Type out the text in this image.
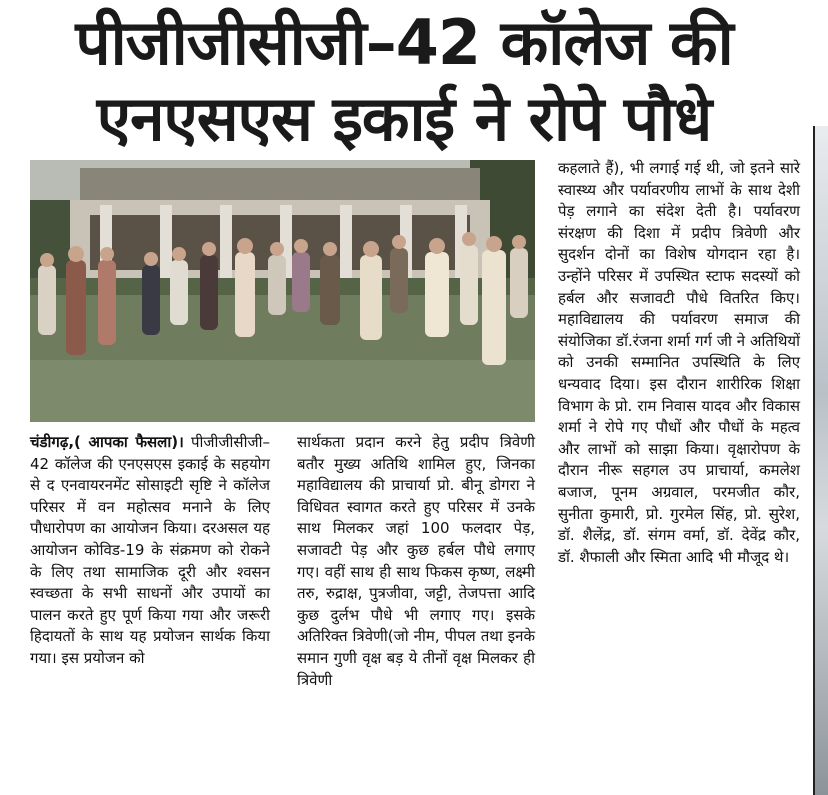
पीजीजीसीजी–42 कॉलेज की
एनएसएस इकाई ने रोपे पौधे

चंडीगढ़,( आपका फैसला)। पीजीजीसीजी–42 कॉलेज की एनएसएस इकाई के सहयोग से द एनवायरनमेंट सोसाइटी सृष्टि ने कॉलेज परिसर में वन महोत्सव मनाने के लिए पौधारोपण का आयोजन किया। दरअसल यह आयोजन कोविड-19 के संक्रमण को रोकने के लिए तथा सामाजिक दूरी और श्वसन स्वच्छता के सभी साधनों और उपायों का पालन करते हुए पूर्ण किया गया और जरूरी हिदायतों के साथ यह प्रयोजन सार्थक किया गया। इस प्रयोजन को

सार्थकता प्रदान करने हेतु प्रदीप त्रिवेणी बतौर मुख्य अतिथि शामिल हुए, जिनका महाविद्यालय की प्राचार्या प्रो. बीनू डोगरा ने विधिवत स्वागत करते हुए परिसर में उनके साथ मिलकर जहां 100 फलदार पेड़, सजावटी पेड़ और कुछ हर्बल पौधे लगाए गए। वहीं साथ ही साथ फिकस कृष्ण, लक्ष्मी तरु, रुद्राक्ष, पुत्रजीवा, जट्टी, तेजपत्ता आदि कुछ दुर्लभ पौधे भी लगाए गए। इसके अतिरिक्त त्रिवेणी(जो नीम, पीपल तथा इनके समान गुणी वृक्ष बड़ ये तीनों वृक्ष मिलकर ही त्रिवेणी

कहलाते हैं), भी लगाई गई थी, जो इतने सारे स्वास्थ्य और पर्यावरणीय लाभों के साथ देशी पेड़ लगाने का संदेश देती है। पर्यावरण संरक्षण की दिशा में प्रदीप त्रिवेणी और सुदर्शन दोनों का विशेष योगदान रहा है। उन्होंने परिसर में उपस्थित स्टाफ सदस्यों को हर्बल और सजावटी पौधे वितरित किए। महाविद्यालय की पर्यावरण समाज की संयोजिका डॉ.रंजना शर्मा गर्ग जी ने अतिथियों को उनकी सम्मानित उपस्थिति के लिए धन्यवाद दिया। इस दौरान शारीरिक शिक्षा विभाग के प्रो. राम निवास यादव और विकास शर्मा ने रोपे गए पौधों और पौधों के महत्व और लाभों को साझा किया। वृक्षारोपण के दौरान नीरू सहगल उप प्राचार्या, कमलेश बजाज, पूनम अग्रवाल, परमजीत कौर, सुनीता कुमारी, प्रो. गुरमेल सिंह, प्रो. सुरेश, डॉ. शैलेंद्र, डॉ. संगम वर्मा, डॉ. देवेंद्र कौर, डॉ. शैफाली और स्मिता आदि भी मौजूद थे।
